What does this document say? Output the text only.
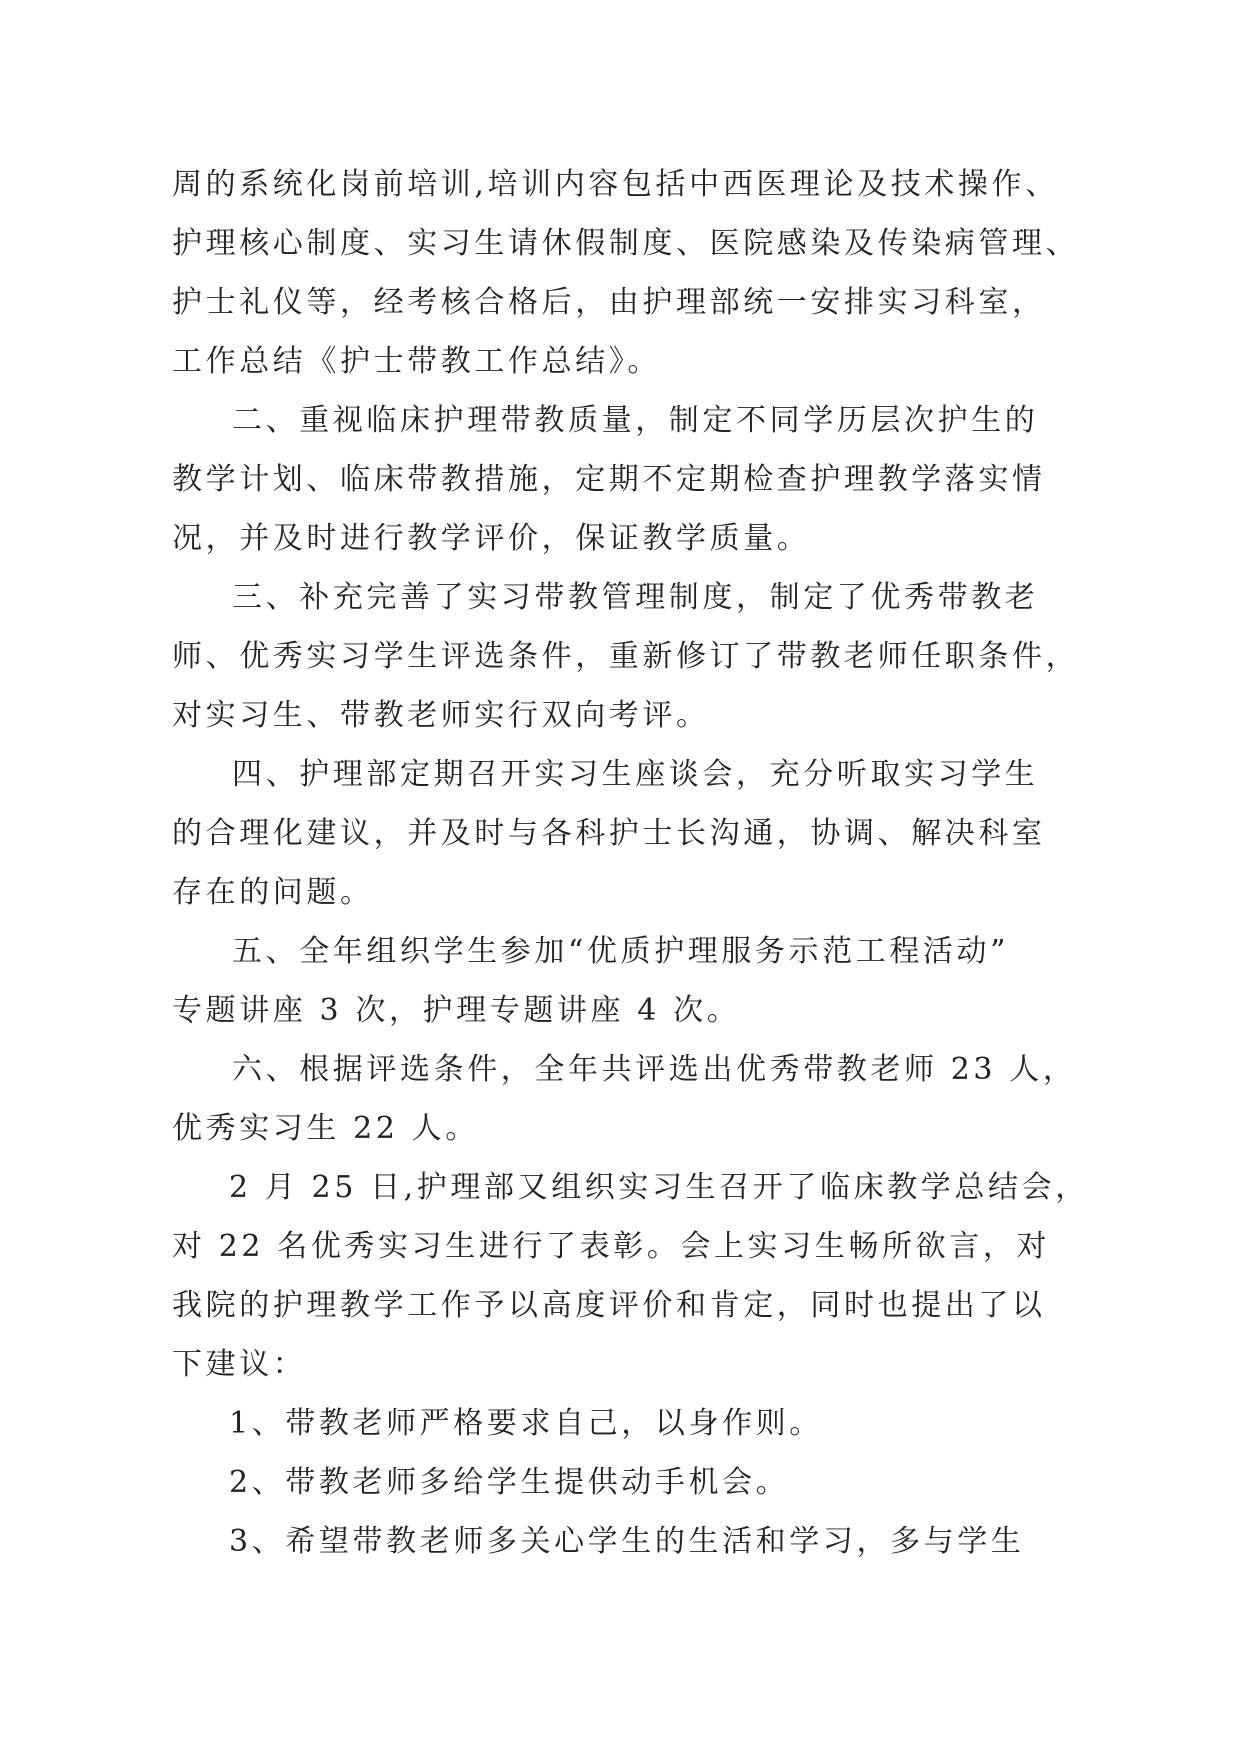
周的系统化岗前培训,培训内容包括中西医理论及技术操作、
护理核心制度、实习生请休假制度、医院感染及传染病管理、
护士礼仪等，经考核合格后，由护理部统一安排实习科室，
工作总结《护士带教工作总结》。
二、重视临床护理带教质量，制定不同学历层次护生的
教学计划、临床带教措施，定期不定期检查护理教学落实情
况，并及时进行教学评价，保证教学质量。
三、补充完善了实习带教管理制度，制定了优秀带教老
师、优秀实习学生评选条件，重新修订了带教老师任职条件，
对实习生、带教老师实行双向考评。
四、护理部定期召开实习生座谈会，充分听取实习学生
的合理化建议，并及时与各科护士长沟通，协调、解决科室
存在的问题。
五、全年组织学生参加“优质护理服务示范工程活动”
专题讲座 3 次，护理专题讲座 4 次。
六、根据评选条件，全年共评选出优秀带教老师 23 人，
优秀实习生 22 人。
2 月 25 日,护理部又组织实习生召开了临床教学总结会，
对 22 名优秀实习生进行了表彰。会上实习生畅所欲言，对
我院的护理教学工作予以高度评价和肯定，同时也提出了以
下建议：
1、带教老师严格要求自己，以身作则。
2、带教老师多给学生提供动手机会。
3、希望带教老师多关心学生的生活和学习，多与学生
